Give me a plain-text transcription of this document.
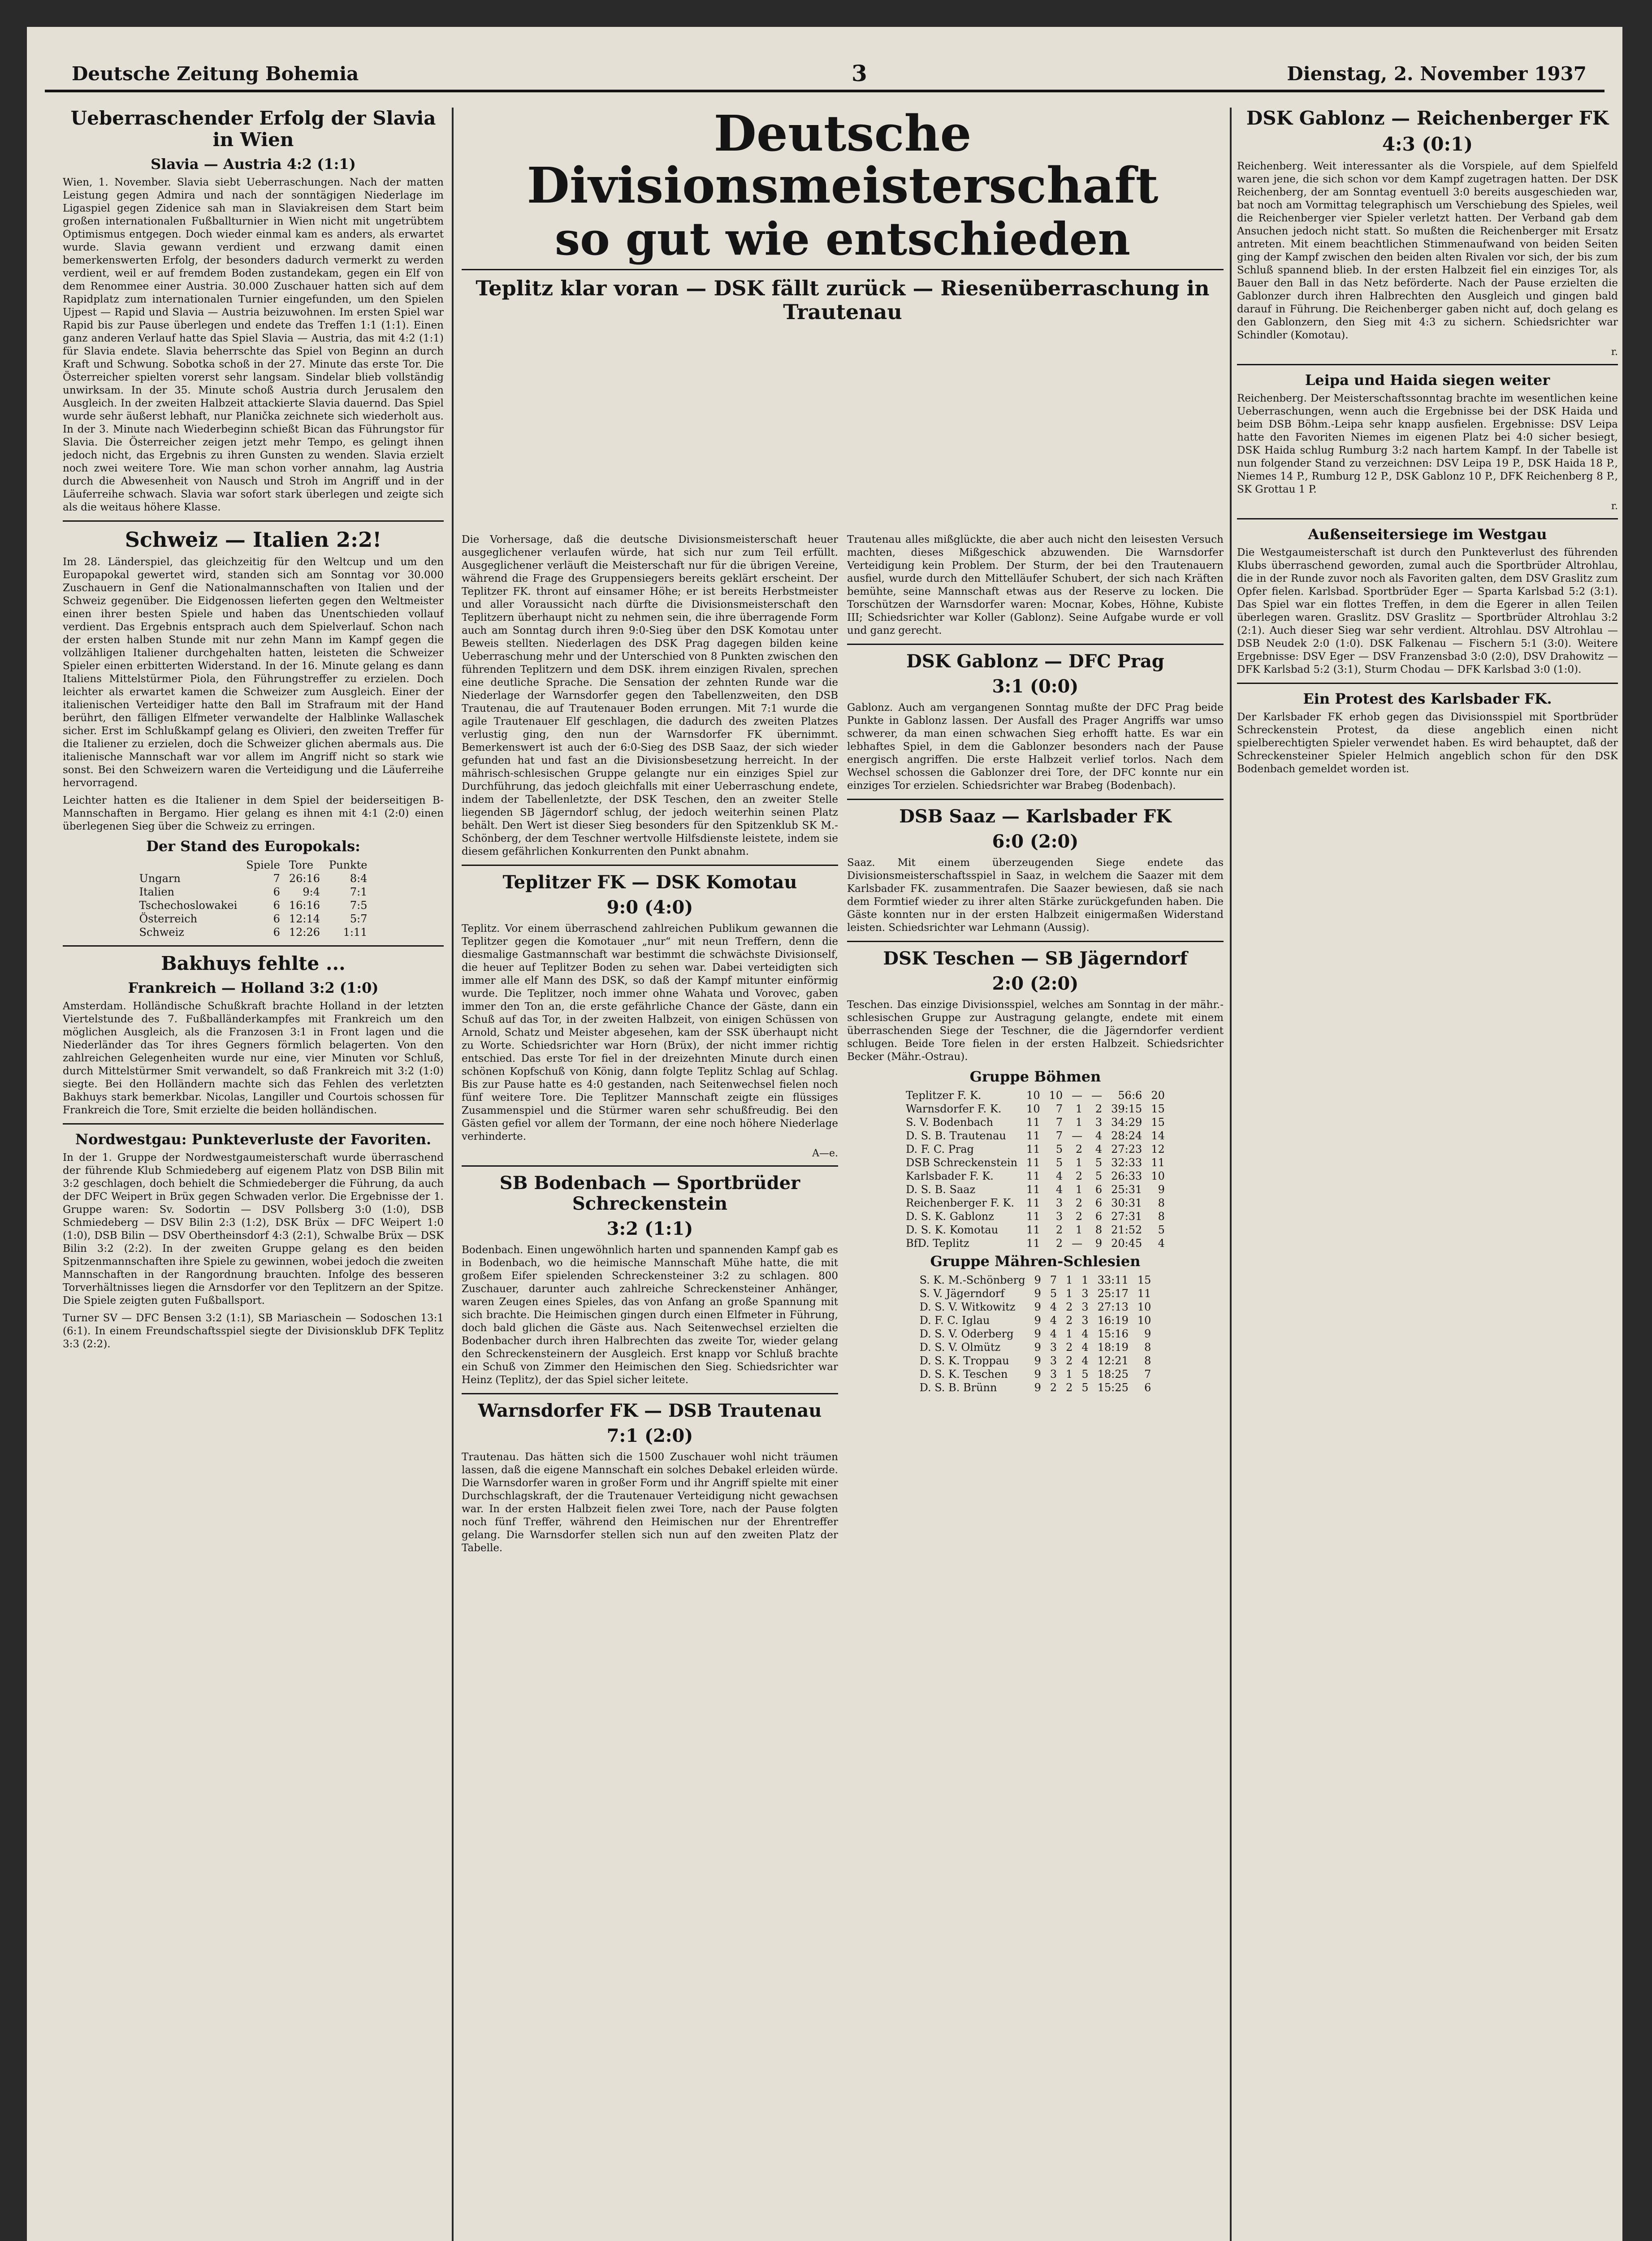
Deutsche Zeitung Bohemia	3	Dienstag, 2. November 1937
Ueberraschender Erfolg der Slavia in Wien
Slavia — Austria 4:2 (1:1)

Wien, 1. November. Slavia siebt Ueberraschungen. Nach der matten Leistung gegen Admira und nach der sonntägigen Niederlage im Ligaspiel gegen Zidenice sah man in Slaviakreisen dem Start beim großen internationalen Fußballturnier in Wien nicht mit ungetrübtem Optimismus entgegen. Doch wieder einmal kam es anders, als erwartet wurde. Slavia gewann verdient und erzwang damit einen bemerkenswerten Erfolg, der besonders dadurch vermerkt zu werden verdient, weil er auf fremdem Boden zustandekam, gegen ein Elf von dem Renommee einer Austria. 30.000 Zuschauer hatten sich auf dem Rapidplatz zum internationalen Turnier eingefunden, um den Spielen Ujpest — Rapid und Slavia — Austria beizuwohnen. Im ersten Spiel war Rapid bis zur Pause überlegen und endete das Treffen 1:1 (1:1). Einen ganz anderen Verlauf hatte das Spiel Slavia — Austria, das mit 4:2 (1:1) für Slavia endete. Slavia beherrschte das Spiel von Beginn an durch Kraft und Schwung. Sobotka schoß in der 27. Minute das erste Tor. Die Österreicher spielten vorerst sehr langsam. Sindelar blieb vollständig unwirksam. In der 35. Minute schoß Austria durch Jerusalem den Ausgleich. In der zweiten Halbzeit attackierte Slavia dauernd. Das Spiel wurde sehr äußerst lebhaft, nur Planička zeichnete sich wiederholt aus. In der 3. Minute nach Wiederbeginn schießt Bican das Führungstor für Slavia. Die Österreicher zeigen jetzt mehr Tempo, es gelingt ihnen jedoch nicht, das Ergebnis zu ihren Gunsten zu wenden. Slavia erzielt noch zwei weitere Tore. Wie man schon vorher annahm, lag Austria durch die Abwesenheit von Nausch und Stroh im Angriff und in der Läuferreihe schwach. Slavia war sofort stark überlegen und zeigte sich als die weitaus höhere Klasse.

Schweiz — Italien 2:2!

Im 28. Länderspiel, das gleichzeitig für den Weltcup und um den Europapokal gewertet wird, standen sich am Sonntag vor 30.000 Zuschauern in Genf die Nationalmannschaften von Italien und der Schweiz gegenüber. Die Eidgenossen lieferten gegen den Weltmeister einen ihrer besten Spiele und haben das Unentschieden vollauf verdient. Das Ergebnis entsprach auch dem Spielverlauf. Schon nach der ersten halben Stunde mit nur zehn Mann im Kampf gegen die vollzähligen Italiener durchgehalten hatten, leisteten die Schweizer Spieler einen erbitterten Widerstand. In der 16. Minute gelang es dann Italiens Mittelstürmer Piola, den Führungstreffer zu erzielen. Doch leichter als erwartet kamen die Schweizer zum Ausgleich. Einer der italienischen Verteidiger hatte den Ball im Strafraum mit der Hand berührt, den fälligen Elfmeter verwandelte der Halblinke Wallaschek sicher. Erst im Schlußkampf gelang es Olivieri, den zweiten Treffer für die Italiener zu erzielen, doch die Schweizer glichen abermals aus. Die italienische Mannschaft war vor allem im Angriff nicht so stark wie sonst. Bei den Schweizern waren die Verteidigung und die Läuferreihe hervorragend.

Leichter hatten es die Italiener in dem Spiel der beiderseitigen B-Mannschaften in Bergamo. Hier gelang es ihnen mit 4:1 (2:0) einen überlegenen Sieg über die Schweiz zu erringen.

Der Stand des Europokals:
	Spiele	Tore	Punkte
Ungarn	7	26:16	8:4
Italien	6	9:4	7:1
Tschechoslowakei	6	16:16	7:5
Österreich	6	12:14	5:7
Schweiz	6	12:26	1:11
Bakhuys fehlte ...
Frankreich — Holland 3:2 (1:0)

Amsterdam. Holländische Schußkraft brachte Holland in der letzten Viertelstunde des 7. Fußballänderkampfes mit Frankreich um den möglichen Ausgleich, als die Franzosen 3:1 in Front lagen und die Niederländer das Tor ihres Gegners förmlich belagerten. Von den zahlreichen Gelegenheiten wurde nur eine, vier Minuten vor Schluß, durch Mittelstürmer Smit verwandelt, so daß Frankreich mit 3:2 (1:0) siegte. Bei den Holländern machte sich das Fehlen des verletzten Bakhuys stark bemerkbar. Nicolas, Langiller und Courtois schossen für Frankreich die Tore, Smit erzielte die beiden holländischen.

Nordwestgau: Punkteverluste der Favoriten.

In der 1. Gruppe der Nordwestgaumeisterschaft wurde überraschend der führende Klub Schmiedeberg auf eigenem Platz von DSB Bilin mit 3:2 geschlagen, doch behielt die Schmiedeberger die Führung, da auch der DFC Weipert in Brüx gegen Schwaden verlor. Die Ergebnisse der 1. Gruppe waren: Sv. Sodortin — DSV Pollsberg 3:0 (1:0), DSB Schmiedeberg — DSV Bilin 2:3 (1:2), DSK Brüx — DFC Weipert 1:0 (1:0), DSB Bilin — DSV Obertheinsdorf 4:3 (2:1), Schwalbe Brüx — DSK Bilin 3:2 (2:2). In der zweiten Gruppe gelang es den beiden Spitzenmannschaften ihre Spiele zu gewinnen, wobei jedoch die zweiten Mannschaften in der Rangordnung brauchten. Infolge des besseren Torverhältnisses liegen die Arnsdorfer vor den Teplitzern an der Spitze. Die Spiele zeigten guten Fußballsport.

Turner SV — DFC Bensen 3:2 (1:1), SB Mariaschein — Sodoschen 13:1 (6:1). In einem Freundschaftsspiel siegte der Divisionsklub DFK Teplitz 3:3 (2:2).

Deutsche Divisionsmeisterschaft
so gut wie entschieden
Teplitz klar voran — DSK fällt zurück — Riesenüberraschung in Trautenau

Die Vorhersage, daß die deutsche Divisionsmeisterschaft heuer ausgeglichener verlaufen würde, hat sich nur zum Teil erfüllt. Ausgeglichener verläuft die Meisterschaft nur für die übrigen Vereine, während die Frage des Gruppensiegers bereits geklärt erscheint. Der Teplitzer FK. thront auf einsamer Höhe; er ist bereits Herbstmeister und aller Voraussicht nach dürfte die Divisionsmeisterschaft den Teplitzern überhaupt nicht zu nehmen sein, die ihre überragende Form auch am Sonntag durch ihren 9:0-Sieg über den DSK Komotau unter Beweis stellten. Niederlagen des DSK Prag dagegen bilden keine Ueberraschung mehr und der Unterschied von 8 Punkten zwischen den führenden Teplitzern und dem DSK. ihrem einzigen Rivalen, sprechen eine deutliche Sprache. Die Sensation der zehnten Runde war die Niederlage der Warnsdorfer gegen den Tabellenzweiten, den DSB Trautenau, die auf Trautenauer Boden errungen. Mit 7:1 wurde die agile Trautenauer Elf geschlagen, die dadurch des zweiten Platzes verlustig ging, den nun der Warnsdorfer FK übernimmt. Bemerkenswert ist auch der 6:0-Sieg des DSB Saaz, der sich wieder gefunden hat und fast an die Divisionsbesetzung herreicht. In der mährisch-schlesischen Gruppe gelangte nur ein einziges Spiel zur Durchführung, das jedoch gleichfalls mit einer Ueberraschung endete, indem der Tabellenletzte, der DSK Teschen, den an zweiter Stelle liegenden SB Jägerndorf schlug, der jedoch weiterhin seinen Platz behält. Den Wert ist dieser Sieg besonders für den Spitzenklub SK M.-Schönberg, der dem Teschner wertvolle Hilfsdienste leistete, indem sie diesem gefährlichen Konkurrenten den Punkt abnahm.

Teplitzer FK — DSK Komotau
9:0 (4:0)

Teplitz. Vor einem überraschend zahlreichen Publikum gewannen die Teplitzer gegen die Komotauer „nur“ mit neun Treffern, denn die diesmalige Gastmannschaft war bestimmt die schwächste Divisionself, die heuer auf Teplitzer Boden zu sehen war. Dabei verteidigten sich immer alle elf Mann des DSK, so daß der Kampf mitunter einförmig wurde. Die Teplitzer, noch immer ohne Wahata und Vorovec, gaben immer den Ton an, die erste gefährliche Chance der Gäste, dann ein Schuß auf das Tor, in der zweiten Halbzeit, von einigen Schüssen von Arnold, Schatz und Meister abgesehen, kam der SSK überhaupt nicht zu Worte. Schiedsrichter war Horn (Brüx), der nicht immer richtig entschied. Das erste Tor fiel in der dreizehnten Minute durch einen schönen Kopfschuß von König, dann folgte Teplitz Schlag auf Schlag. Bis zur Pause hatte es 4:0 gestanden, nach Seitenwechsel fielen noch fünf weitere Tore. Die Teplitzer Mannschaft zeigte ein flüssiges Zusammenspiel und die Stürmer waren sehr schußfreudig. Bei den Gästen gefiel vor allem der Tormann, der eine noch höhere Niederlage verhinderte.

A—e.
SB Bodenbach — Sportbrüder Schreckenstein
3:2 (1:1)

Bodenbach. Einen ungewöhnlich harten und spannenden Kampf gab es in Bodenbach, wo die heimische Mannschaft Mühe hatte, die mit großem Eifer spielenden Schreckensteiner 3:2 zu schlagen. 800 Zuschauer, darunter auch zahlreiche Schreckensteiner Anhänger, waren Zeugen eines Spieles, das von Anfang an große Spannung mit sich brachte. Die Heimischen gingen durch einen Elfmeter in Führung, doch bald glichen die Gäste aus. Nach Seitenwechsel erzielten die Bodenbacher durch ihren Halbrechten das zweite Tor, wieder gelang den Schreckensteinern der Ausgleich. Erst knapp vor Schluß brachte ein Schuß von Zimmer den Heimischen den Sieg. Schiedsrichter war Heinz (Teplitz), der das Spiel sicher leitete.

Warnsdorfer FK — DSB Trautenau
7:1 (2:0)

Trautenau. Das hätten sich die 1500 Zuschauer wohl nicht träumen lassen, daß die eigene Mannschaft ein solches Debakel erleiden würde. Die Warnsdorfer waren in großer Form und ihr Angriff spielte mit einer Durchschlagskraft, der die Trautenauer Verteidigung nicht gewachsen war. In der ersten Halbzeit fielen zwei Tore, nach der Pause folgten noch fünf Treffer, während den Heimischen nur der Ehrentreffer gelang. Die Warnsdorfer stellen sich nun auf den zweiten Platz der Tabelle.

Trautenau alles mißglückte, die aber auch nicht den leisesten Versuch machten, dieses Mißgeschick abzuwenden. Die Warnsdorfer Verteidigung kein Problem. Der Sturm, der bei den Trautenauern ausfiel, wurde durch den Mittelläufer Schubert, der sich nach Kräften bemühte, seine Mannschaft etwas aus der Reserve zu locken. Die Torschützen der Warnsdorfer waren: Mocnar, Kobes, Höhne, Kubiste III; Schiedsrichter war Koller (Gablonz). Seine Aufgabe wurde er voll und ganz gerecht.

DSK Gablonz — DFC Prag
3:1 (0:0)

Gablonz. Auch am vergangenen Sonntag mußte der DFC Prag beide Punkte in Gablonz lassen. Der Ausfall des Prager Angriffs war umso schwerer, da man einen schwachen Sieg erhofft hatte. Es war ein lebhaftes Spiel, in dem die Gablonzer besonders nach der Pause energisch angriffen. Die erste Halbzeit verlief torlos. Nach dem Wechsel schossen die Gablonzer drei Tore, der DFC konnte nur ein einziges Tor erzielen. Schiedsrichter war Brabeg (Bodenbach).

DSB Saaz — Karlsbader FK
6:0 (2:0)

Saaz. Mit einem überzeugenden Siege endete das Divisionsmeisterschaftsspiel in Saaz, in welchem die Saazer mit dem Karlsbader FK. zusammentrafen. Die Saazer bewiesen, daß sie nach dem Formtief wieder zu ihrer alten Stärke zurückgefunden haben. Die Gäste konnten nur in der ersten Halbzeit einigermaßen Widerstand leisten. Schiedsrichter war Lehmann (Aussig).

DSK Teschen — SB Jägerndorf
2:0 (2:0)

Teschen. Das einzige Divisionsspiel, welches am Sonntag in der mähr.-schlesischen Gruppe zur Austragung gelangte, endete mit einem überraschenden Siege der Teschner, die die Jägerndorfer verdient schlugen. Beide Tore fielen in der ersten Halbzeit. Schiedsrichter Becker (Mähr.-Ostrau).

Gruppe Böhmen
Teplitzer F. K.	10	10	—	—	56:6	20
Warnsdorfer F. K.	10	7	1	2	39:15	15
S. V. Bodenbach	11	7	1	3	34:29	15
D. S. B. Trautenau	11	7	—	4	28:24	14
D. F. C. Prag	11	5	2	4	27:23	12
DSB Schreckenstein	11	5	1	5	32:33	11
Karlsbader F. K.	11	4	2	5	26:33	10
D. S. B. Saaz	11	4	1	6	25:31	9
Reichenberger F. K.	11	3	2	6	30:31	8
D. S. K. Gablonz	11	3	2	6	27:31	8
D. S. K. Komotau	11	2	1	8	21:52	5
BfD. Teplitz	11	2	—	9	20:45	4
Gruppe Mähren-Schlesien
S. K. M.-Schönberg	9	7	1	1	33:11	15
S. V. Jägerndorf	9	5	1	3	25:17	11
D. S. V. Witkowitz	9	4	2	3	27:13	10
D. F. C. Iglau	9	4	2	3	16:19	10
D. S. V. Oderberg	9	4	1	4	15:16	9
D. S. V. Olmütz	9	3	2	4	18:19	8
D. S. K. Troppau	9	3	2	4	12:21	8
D. S. K. Teschen	9	3	1	5	18:25	7
D. S. B. Brünn	9	2	2	5	15:25	6
DSK Gablonz — Reichenberger FK
4:3 (0:1)

Reichenberg. Weit interessanter als die Vorspiele, auf dem Spielfeld waren jene, die sich schon vor dem Kampf zugetragen hatten. Der DSK Reichenberg, der am Sonntag eventuell 3:0 bereits ausgeschieden war, bat noch am Vormittag telegraphisch um Verschiebung des Spieles, weil die Reichenberger vier Spieler verletzt hatten. Der Verband gab dem Ansuchen jedoch nicht statt. So mußten die Reichenberger mit Ersatz antreten. Mit einem beachtlichen Stimmenaufwand von beiden Seiten ging der Kampf zwischen den beiden alten Rivalen vor sich, der bis zum Schluß spannend blieb. In der ersten Halbzeit fiel ein einziges Tor, als Bauer den Ball in das Netz beförderte. Nach der Pause erzielten die Gablonzer durch ihren Halbrechten den Ausgleich und gingen bald darauf in Führung. Die Reichenberger gaben nicht auf, doch gelang es den Gablonzern, den Sieg mit 4:3 zu sichern. Schiedsrichter war Schindler (Komotau).

r.
Leipa und Haida siegen weiter

Reichenberg. Der Meisterschaftssonntag brachte im wesentlichen keine Ueberraschungen, wenn auch die Ergebnisse bei der DSK Haida und beim DSB Böhm.-Leipa sehr knapp ausfielen. Ergebnisse: DSV Leipa hatte den Favoriten Niemes im eigenen Platz bei 4:0 sicher besiegt, DSK Haida schlug Rumburg 3:2 nach hartem Kampf. In der Tabelle ist nun folgender Stand zu verzeichnen: DSV Leipa 19 P., DSK Haida 18 P., Niemes 14 P., Rumburg 12 P., DSK Gablonz 10 P., DFK Reichenberg 8 P., SK Grottau 1 P.

r.
Außenseitersiege im Westgau

Die Westgaumeisterschaft ist durch den Punkteverlust des führenden Klubs überraschend geworden, zumal auch die Sportbrüder Altrohlau, die in der Runde zuvor noch als Favoriten galten, dem DSV Graslitz zum Opfer fielen. Karlsbad. Sportbrüder Eger — Sparta Karlsbad 5:2 (3:1). Das Spiel war ein flottes Treffen, in dem die Egerer in allen Teilen überlegen waren. Graslitz. DSV Graslitz — Sportbrüder Altrohlau 3:2 (2:1). Auch dieser Sieg war sehr verdient. Altrohlau. DSV Altrohlau — DSB Neudek 2:0 (1:0). DSK Falkenau — Fischern 5:1 (3:0). Weitere Ergebnisse: DSV Eger — DSV Franzensbad 3:0 (2:0), DSV Drahowitz — DFK Karlsbad 5:2 (3:1), Sturm Chodau — DFK Karlsbad 3:0 (1:0).

Ein Protest des Karlsbader FK.

Der Karlsbader FK erhob gegen das Divisionsspiel mit Sportbrüder Schreckenstein Protest, da diese angeblich einen nicht spielberechtigten Spieler verwendet haben. Es wird behauptet, daß der Schreckensteiner Spieler Helmich angeblich schon für den DSK Bodenbach gemeldet worden ist.
